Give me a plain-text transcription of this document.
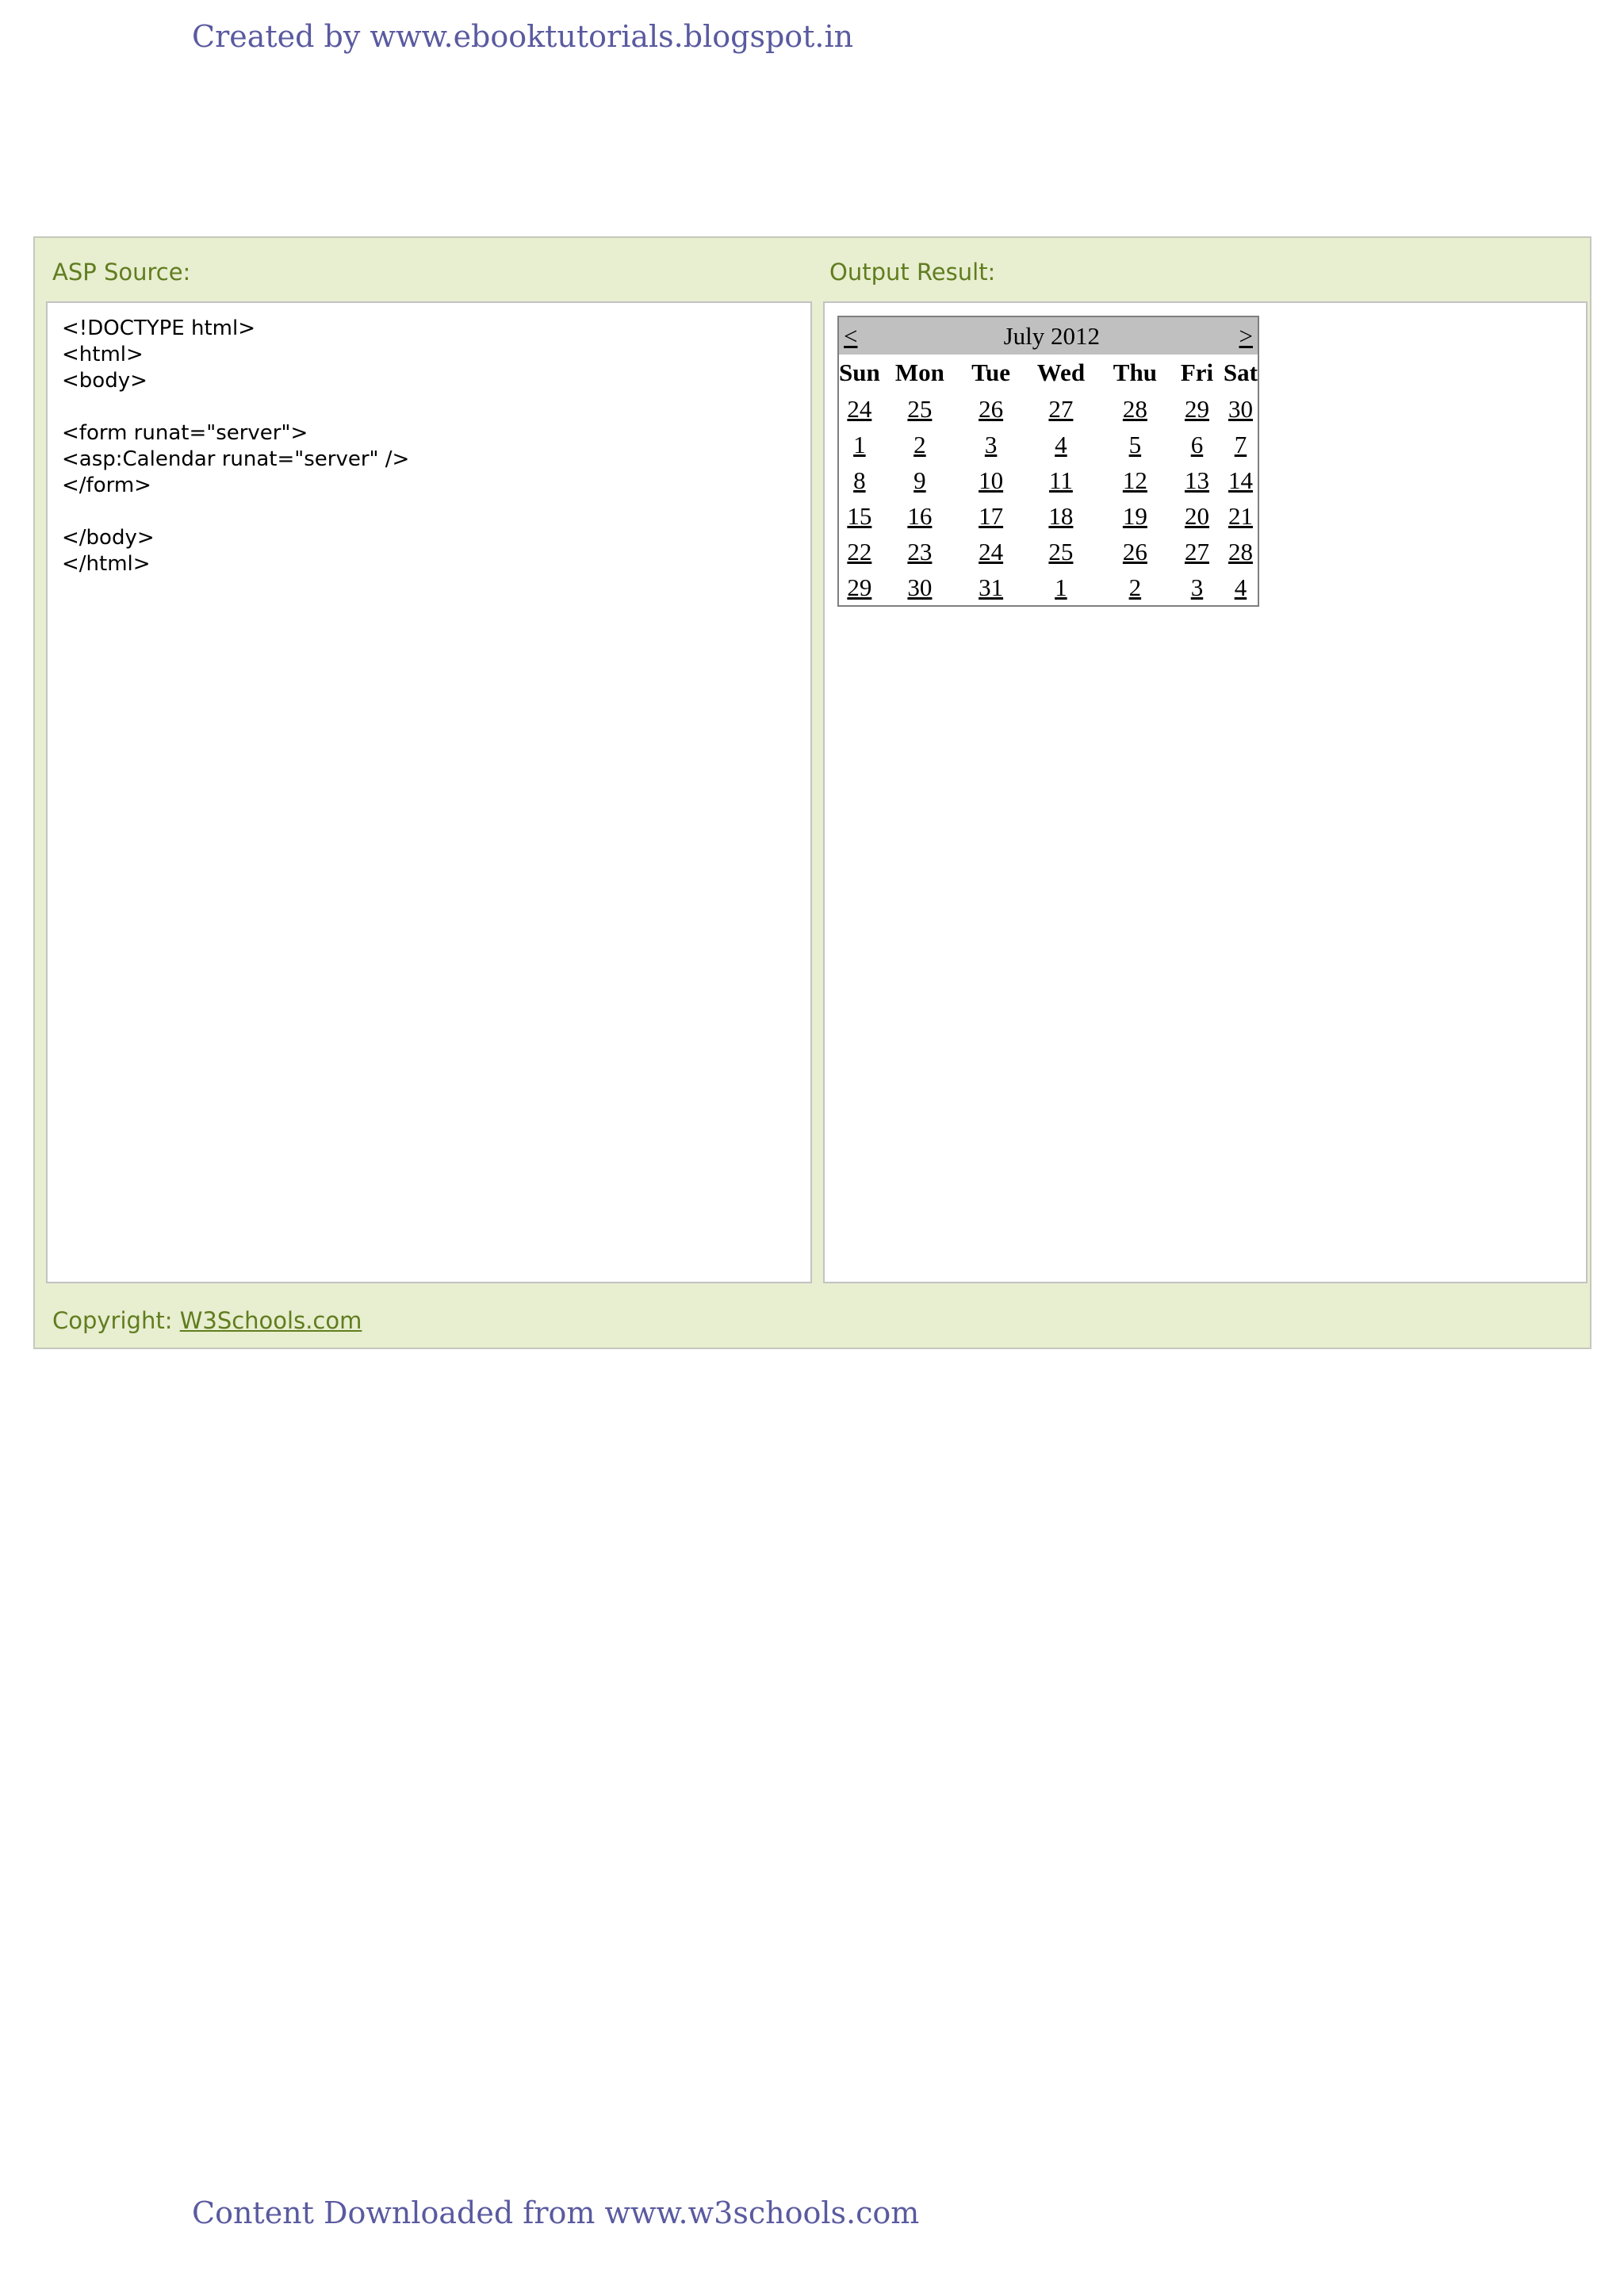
Created by www.ebooktutorials.blogspot.in
ASP Source:	Output Result:
<!DOCTYPE html>
<html>
<body>

<form runat="server">
<asp:Calendar runat="server" />
</form>

</body>
</html>
<	July 2012					>
Sun	Mon	Tue	Wed	Thu	Fri	Sat
24	25	26	27	28	29	30
1	2	3	4	5	6	7
8	9	10	11	12	13	14
15	16	17	18	19	20	21
22	23	24	25	26	27	28
29	30	31	1	2	3	4
Copyright: W3Schools.com
Content Downloaded from www.w3schools.com
